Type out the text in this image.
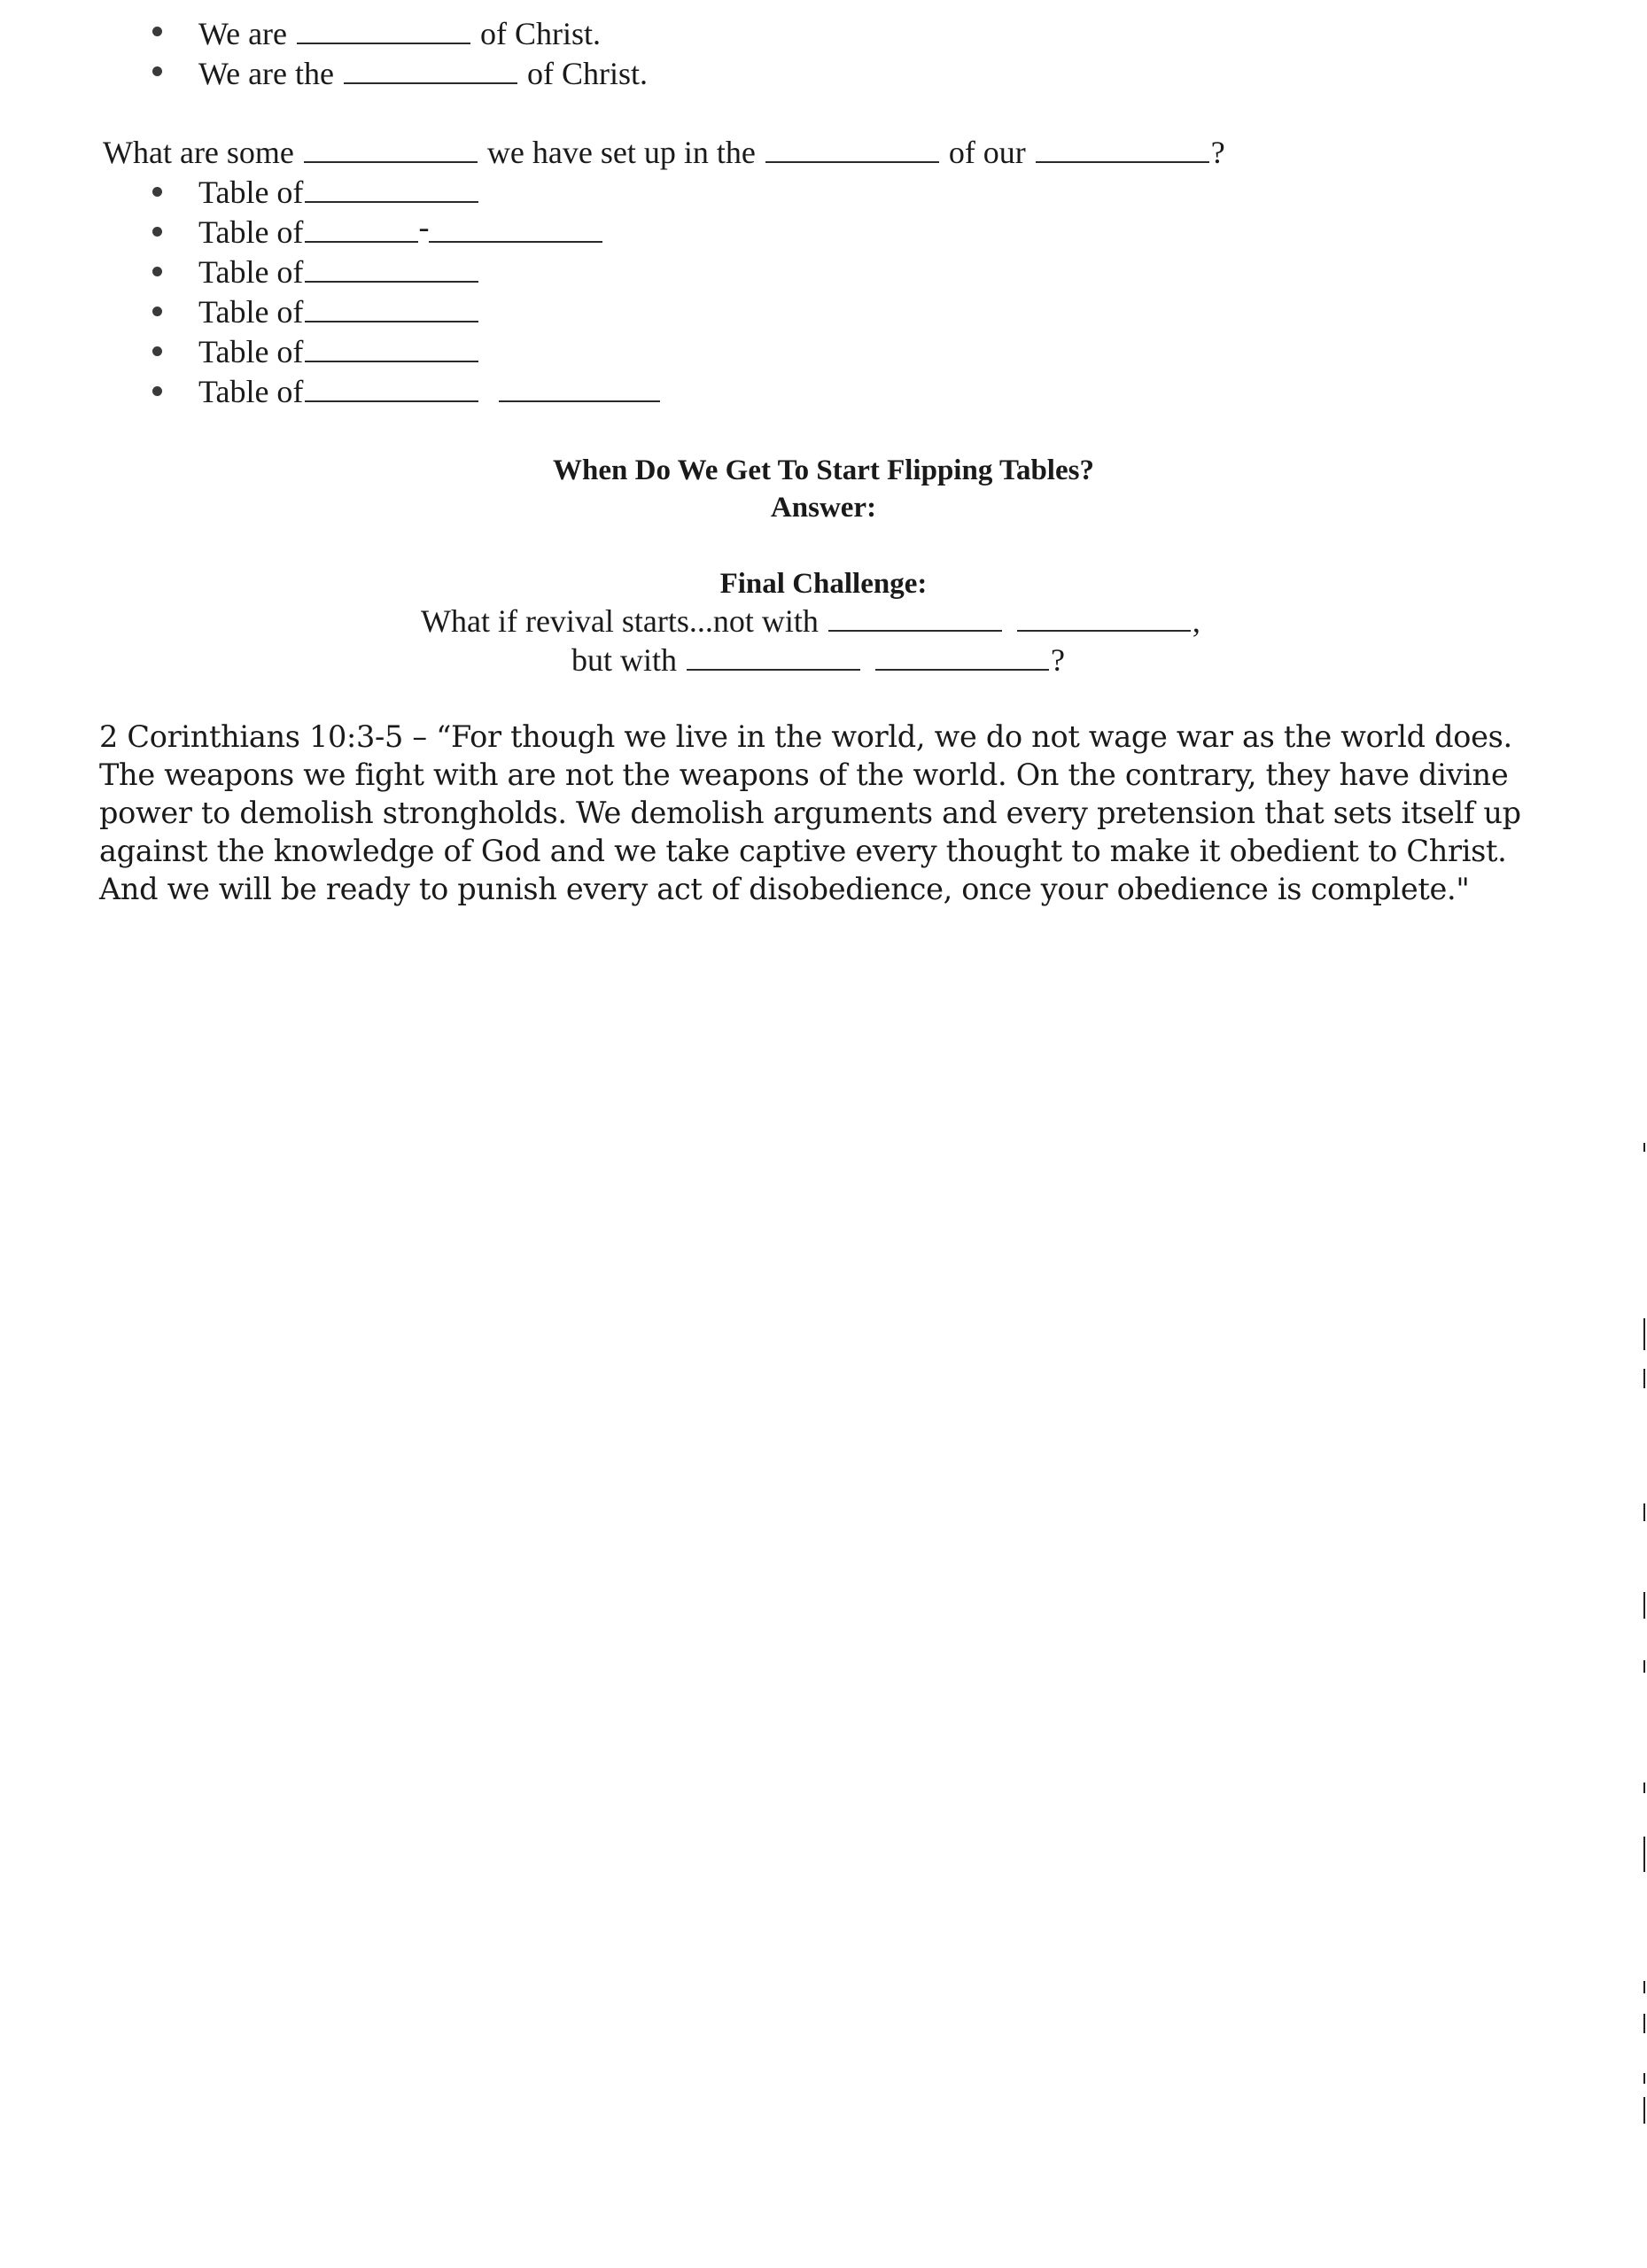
We are	of Christ.
We are the	of Christ.
What are some	we have set up in the	of our	?
Table of
Table of	-
Table of
Table of
Table of
Table of
When Do We Get To Start Flipping Tables?
Answer:
Final Challenge:
What if revival starts...not with	,
but with	?
2 Corinthians 10:3-5 – “For though we live in the world, we do not wage war as the world does. The weapons we fight with are not the weapons of the world. On the contrary, they have divine power to demolish strongholds. We demolish arguments and every pretension that sets itself up against the knowledge of God and we take captive every thought to make it obedient to Christ. And we will be ready to punish every act of disobedience, once your obedience is complete."
